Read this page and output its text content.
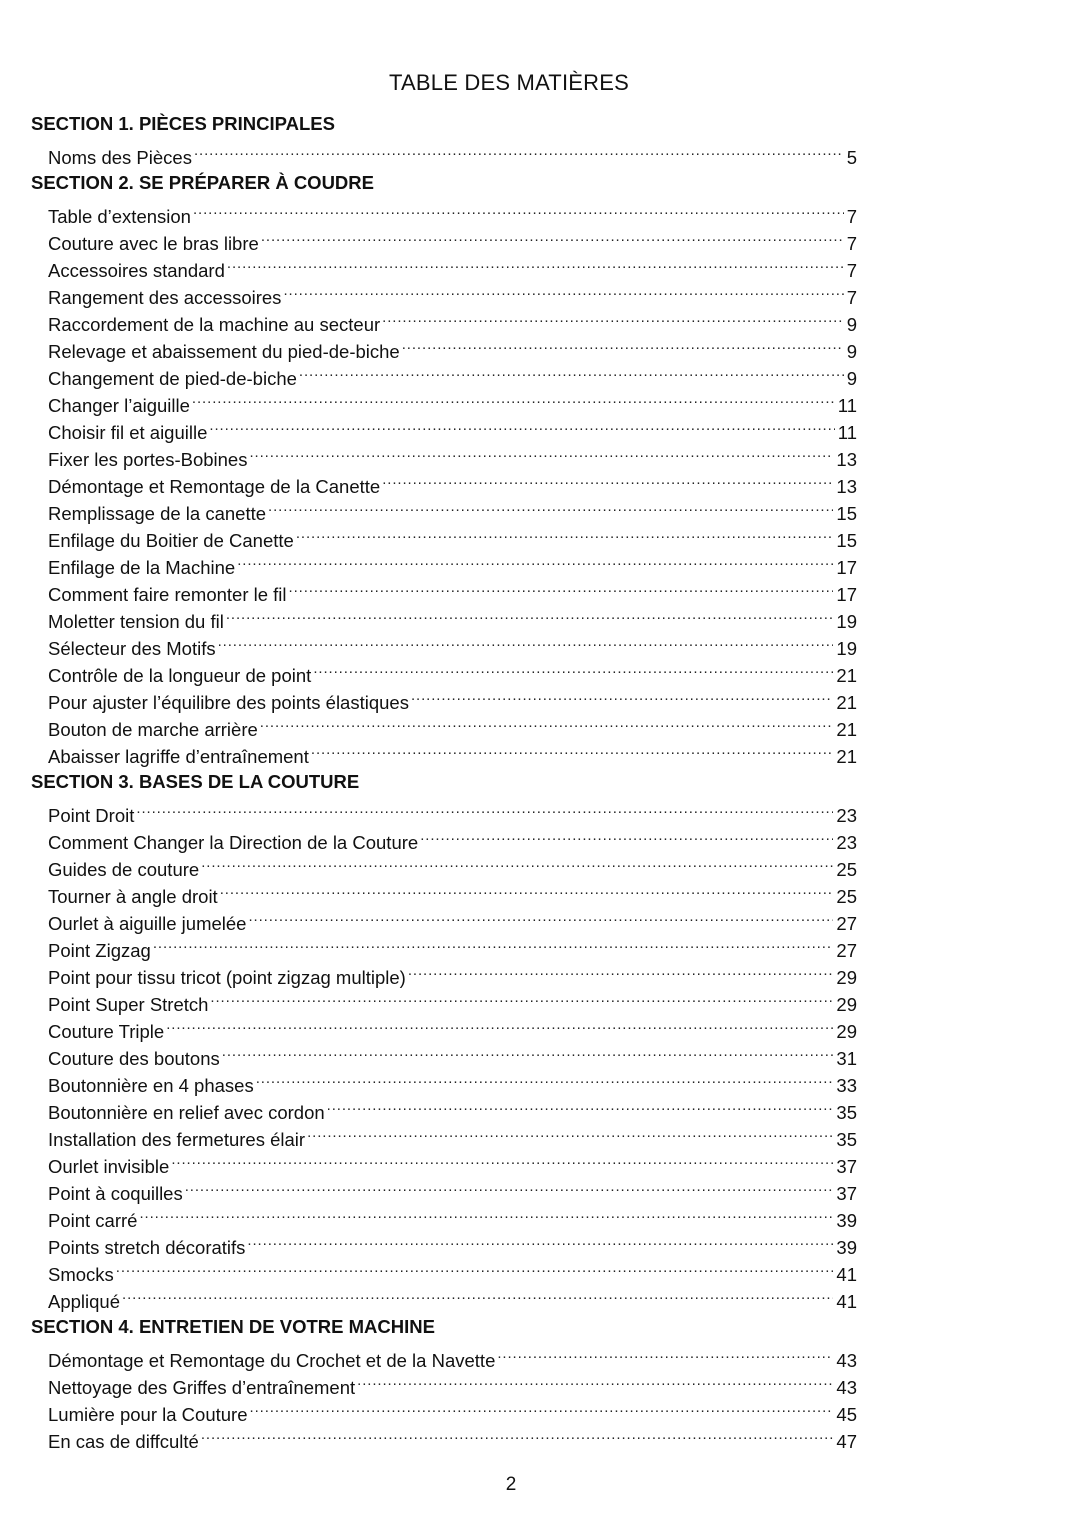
TABLE DES MATIÈRES
SECTION 1. PIÈCES PRINCIPALES
Noms des Pièces .....	5
SECTION 2. SE PRÉPARER À COUDRE
Table d’extension .....	7
Couture avec le bras libre .....	7
Accessoires standard .....	7
Rangement des accessoires .....	7
Raccordement de la machine au secteur .....	9
Relevage et abaissement du pied-de-biche .....	9
Changement de pied-de-biche .....	9
Changer l’aiguille .....	11
Choisir fil et aiguille .....	11
Fixer les portes-Bobines .....	13
Démontage et Remontage de la Canette .....	13
Remplissage de la canette .....	15
Enfilage du Boitier de Canette .....	15
Enfilage de la Machine .....	17
Comment faire remonter le fil .....	17
Moletter tension du fil .....	19
Sélecteur des Motifs .....	19
Contrôle de la longueur de point .....	21
Pour ajuster l’équilibre des points élastiques .....	21
Bouton de marche arrière .....	21
Abaisser lagriffe d’entraînement .....	21
SECTION 3. BASES DE LA COUTURE
Point Droit .....	23
Comment Changer la Direction de la Couture .....	23
Guides de couture .....	25
Tourner à angle droit .....	25
Ourlet à aiguille jumelée .....	27
Point Zigzag .....	27
Point pour tissu tricot (point zigzag multiple) .....	29
Point Super Stretch .....	29
Couture Triple .....	29
Couture des boutons .....	31
Boutonnière en 4 phases .....	33
Boutonnière en relief avec cordon .....	35
Installation des fermetures élair .....	35
Ourlet invisible .....	37
Point à coquilles .....	37
Point carré .....	39
Points stretch décoratifs .....	39
Smocks .....	41
Appliqué .....	41
SECTION 4. ENTRETIEN DE VOTRE MACHINE
Démontage et Remontage du Crochet et de la Navette .....	43
Nettoyage des Griffes d’entraînement .....	43
Lumière pour la Couture .....	45
En cas de diffculté .....	47
2
